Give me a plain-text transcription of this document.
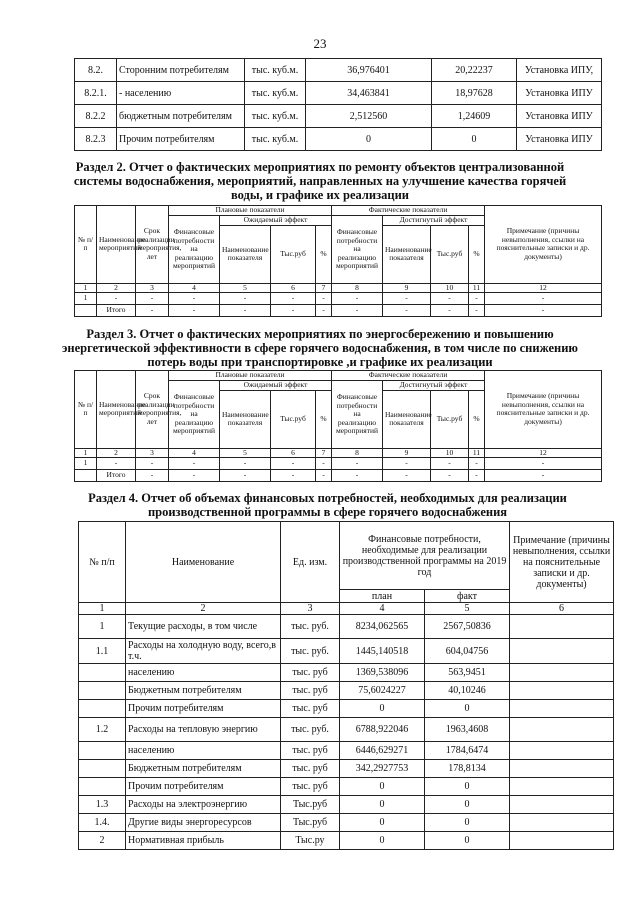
23
8.2.	Сторонним потребителям	тыс. куб.м.	36,976401	20,22237	Установка ИПУ,
8.2.1.	- населению	тыс. куб.м.	34,463841	18,97628	Установка ИПУ
8.2.2	бюджетным потребителям	тыс. куб.м.	2,512560	1,24609	Установка ИПУ
8.2.3	Прочим потребителям	тыс. куб.м.	0	0	Установка ИПУ
Раздел 2. Отчет о фактических мероприятиях по ремонту объектов централизованной системы водоснабжения, мероприятий, направленных на улучшение качества горячей воды, и графике их реализации
№ п/п	Наименование мероприятий	Срок реализации мероприятия, лет	Плановые показатели				Фактические показатели				Примечание (причины невыполнения, ссылки на пояснительные записки и др. документы)
			Финансовые потребности на реализацию мероприятий	Ожидаемый эффект			Финансовые потребности на реализацию мероприятий	Достигнутый эффект			
				Наименование показателя	Тыс.руб	%		Наименование показателя	Тыс.руб	%	
1	2	3	4	5	6	7	8	9	10	11	12
1	-	-	-	-	-	-	-	-	-	-	-
	Итого	-	-	-	-	-	-	-	-	-	-
Раздел 3. Отчет о фактических мероприятиях по энергосбережению и повышению энергетической эффективности в сфере горячего водоснабжения, в том числе по снижению потерь воды при транспортировке ,и графике их реализации
№ п/п	Наименование мероприятий	Срок реализации мероприятия, лет	Плановые показатели				Фактические показатели				Примечание (причины невыполнения, ссылки на пояснительные записки и др. документы)
			Финансовые потребности на реализацию мероприятий	Ожидаемый эффект			Финансовые потребности на реализацию мероприятий	Достигнутый эффект			
				Наименование показателя	Тыс.руб	%		Наименование показателя	Тыс.руб	%	
1	2	3	4	5	6	7	8	9	10	11	12
1	-	-	-	-	-	-	-	-	-	-	-
	Итого	-	-	-	-	-	-	-	-	-	-
Раздел 4. Отчет об объемах финансовых потребностей, необходимых для реализации производственной программы в сфере горячего водоснабжения
№ п/п	Наименование	Ед. изм.	Финансовые потребности, необходимые для реализации производственной программы на 2019 год		Примечание (причины невыполнения, ссылки на пояснительные записки и др. документы)
			план	факт	
1	2	3	4	5	6
1	Текущие расходы, в том числе	тыс. руб.	8234,062565	2567,50836	
1.1	Расходы на холодную воду, всего,в т.ч.	тыс. руб.	1445,140518	604,04756	
	населению	тыс. руб	1369,538096	563,9451	
	Бюджетным потребителям	тыс. руб	75,6024227	40,10246	
	Прочим потребителям	тыс. руб	0	0	
1.2	Расходы на тепловую энергию	тыс. руб.	6788,922046	1963,4608	
	населению	тыс. руб	6446,629271	1784,6474	
	Бюджетным потребителям	тыс. руб	342,2927753	178,8134	
	Прочим потребителям	тыс. руб	0	0	
1.3	Расходы на электроэнергию	Тыс.руб	0	0	
1.4.	Другие виды энергоресурсов	Тыс.руб	0	0	
2	Нормативная прибыль	Тыс.ру	0	0	
